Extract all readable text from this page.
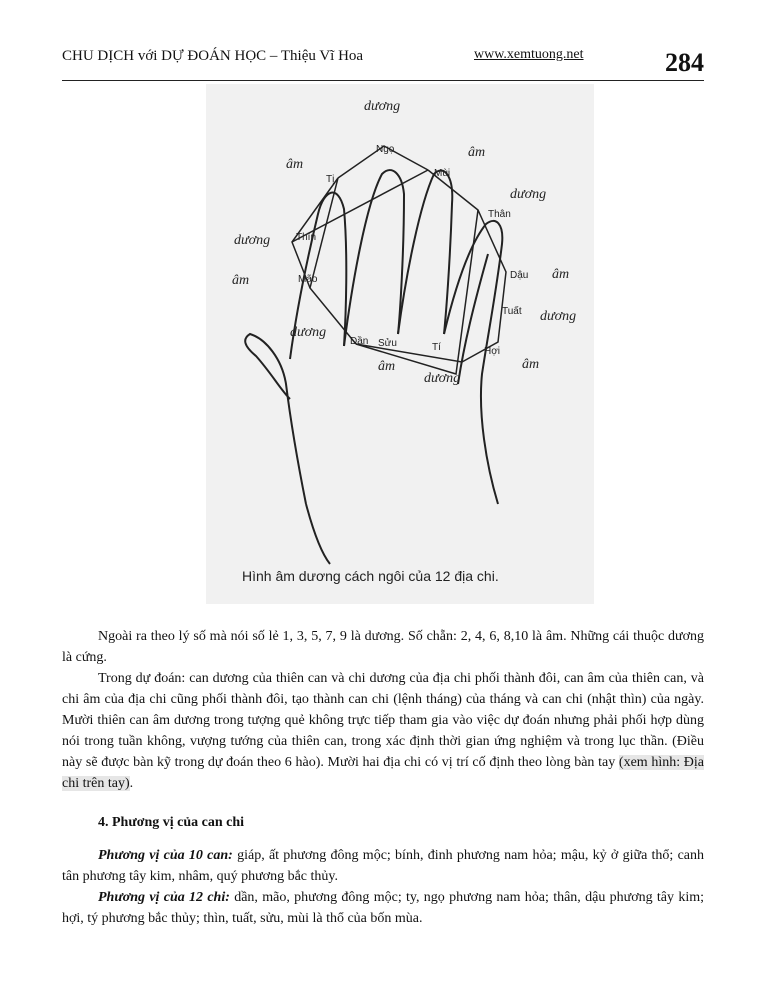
CHU DỊCH với DỰ ĐOÁN HỌC – Thiệu Vĩ Hoa	www.xemtuong.net	284
dương
âm
âm
dương
dương
âm	âm
dương
dương
âm
âm
dương
Ngọ
Mùi
Tị
Thân
Thìn
Dậu
Mão
Tuất
Dần Sửu	Tí	Hợi
Hình âm dương cách ngôi của 12 địa chi.

Ngoài ra theo lý số mà nói số lẻ 1, 3, 5, 7, 9 là dương. Số chẵn: 2, 4, 6, 8,10 là âm. Những cái thuộc dương là cứng.

Trong dự đoán: can dương của thiên can và chi dương của địa chi phối thành đôi, can âm của thiên can, và chi âm của địa chi cũng phối thành đôi, tạo thành can chi (lệnh tháng) của tháng và can chi (nhật thìn) của ngày. Mười thiên can âm dương trong tượng quẻ không trực tiếp tham gia vào việc dự đoán nhưng phải phối hợp dùng nói trong tuần không, vượng tướng của thiên can, trong xác định thời gian ứng nghiệm và trong lục thần. (Điều này sẽ được bàn kỹ trong dự đoán theo 6 hào). Mười hai địa chi có vị trí cố định theo lòng bàn tay (xem hình: Địa chi trên tay).

4. Phương vị của can chi

Phương vị của 10 can: giáp, ất phương đông mộc; bính, đinh phương nam hỏa; mậu, kỷ ở giữa thổ; canh tân phương tây kim, nhâm, quý phương bắc thủy.

Phương vị của 12 chi: dần, mão, phương đông mộc; ty, ngọ phương nam hỏa; thân, dậu phương tây kim; hợi, tý phương bắc thủy; thìn, tuất, sửu, mùi là thổ của bốn mùa.
